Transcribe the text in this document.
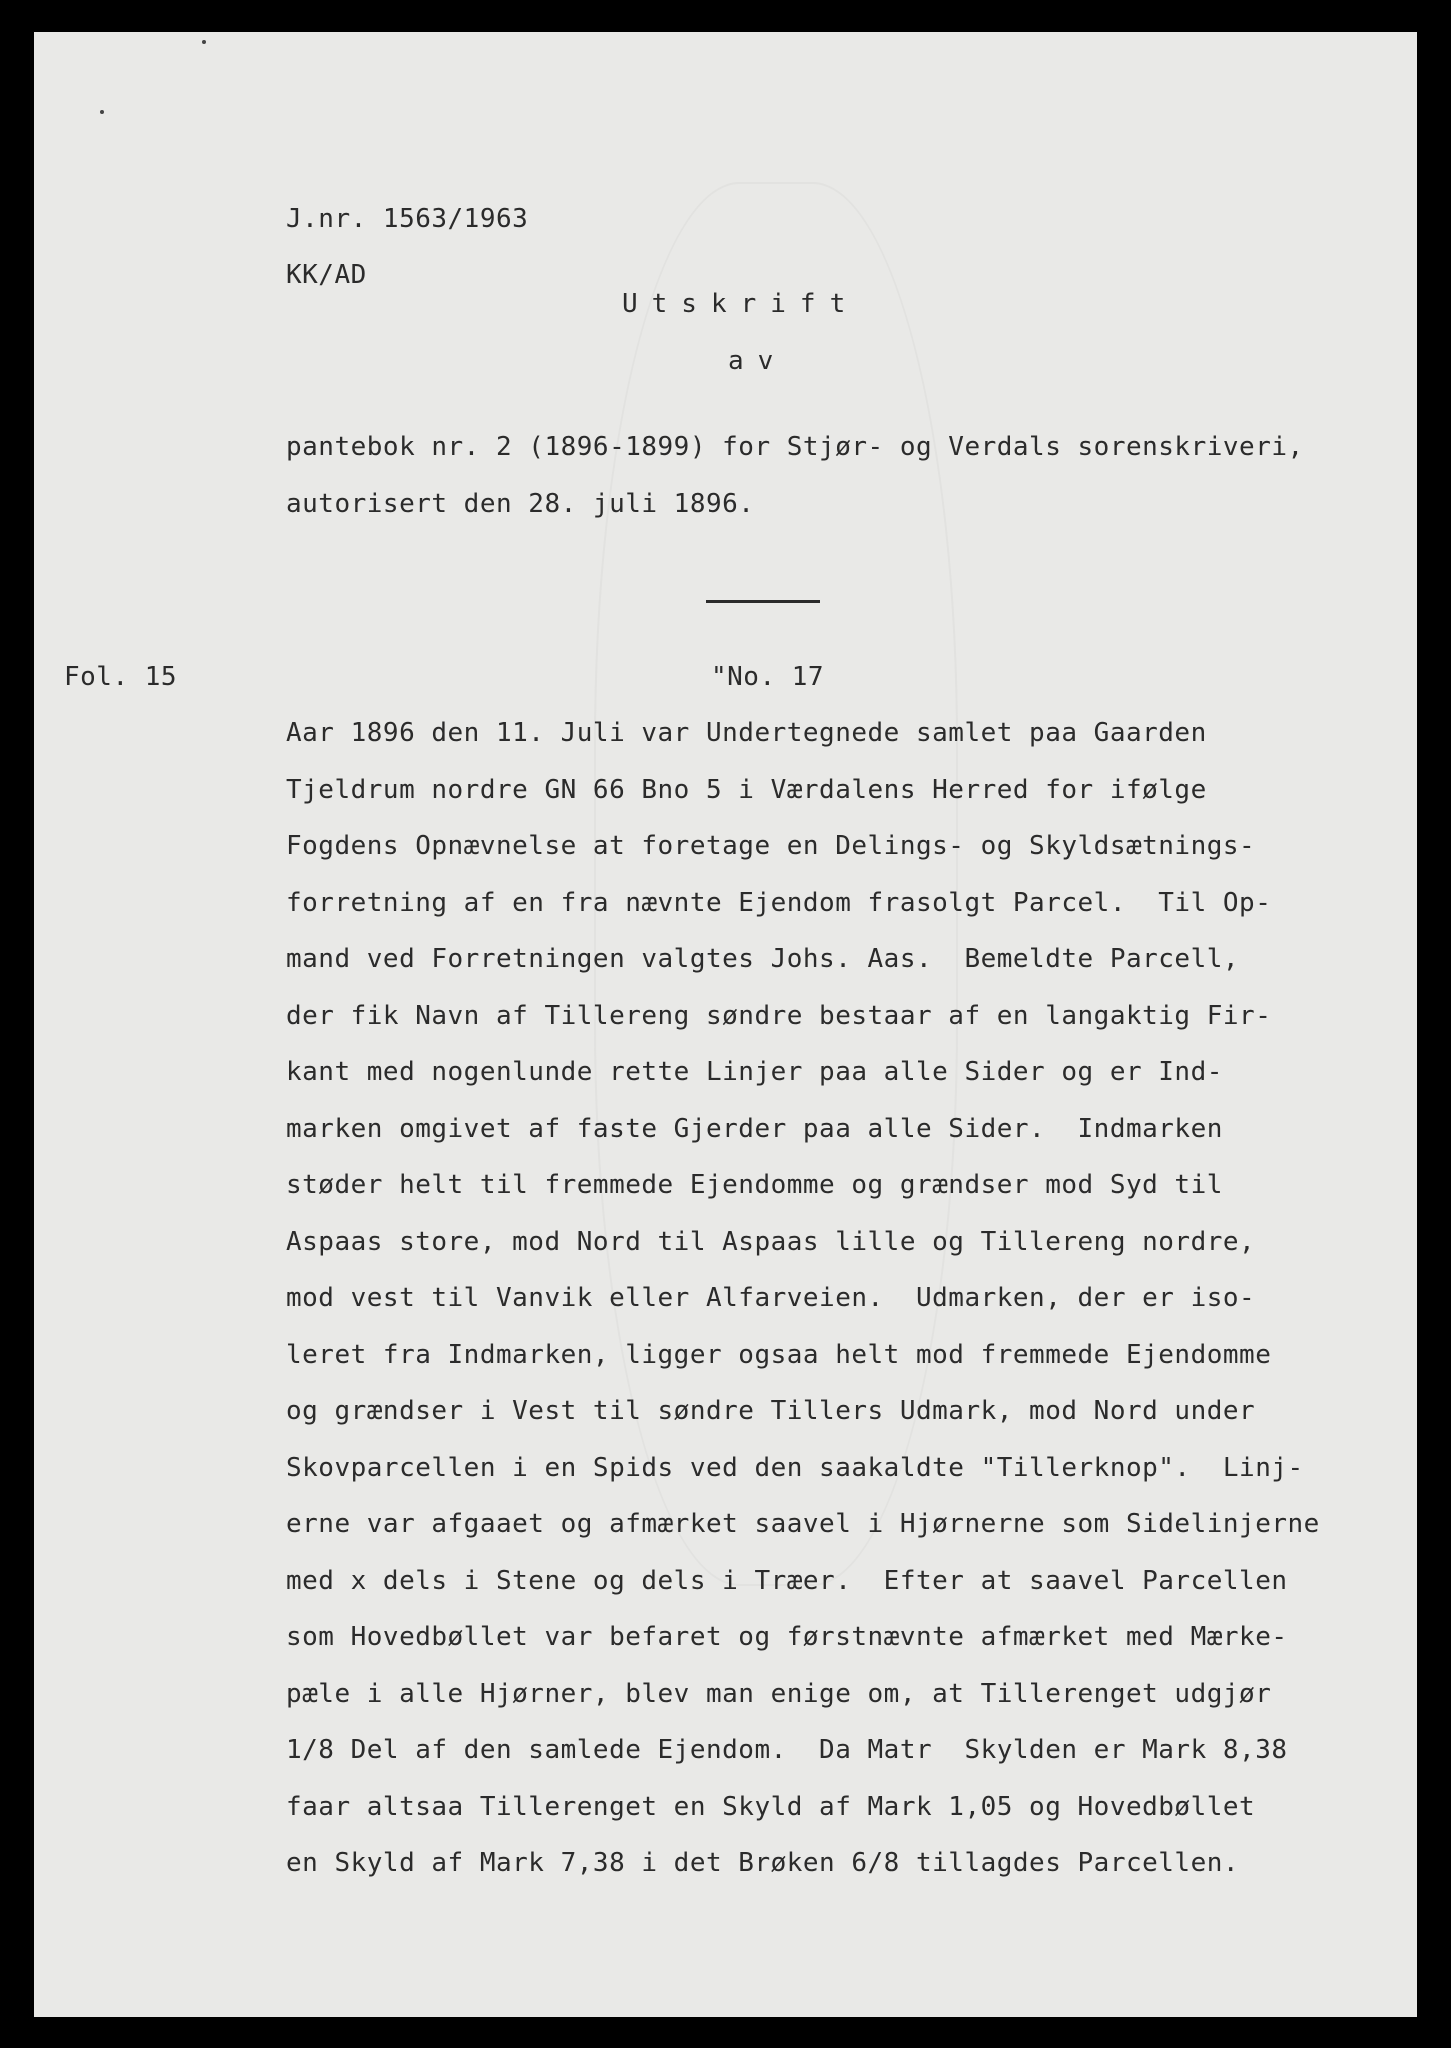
J.nr. 1563/1963
KK/AD
Utskrift
av
pantebok nr. 2 (1896-1899) for Stjør- og Verdals sorenskriveri,
autorisert den 28. juli 1896.
Fol. 15	"No. 17
Aar 1896 den 11. Juli var Undertegnede samlet paa Gaarden
Tjeldrum nordre GN 66 Bno 5 i Værdalens Herred for ifølge
Fogdens Opnævnelse at foretage en Delings- og Skyldsætnings-
forretning af en fra nævnte Ejendom frasolgt Parcel.  Til Op-
mand ved Forretningen valgtes Johs. Aas.  Bemeldte Parcell,
der fik Navn af Tillereng søndre bestaar af en langaktig Fir-
kant med nogenlunde rette Linjer paa alle Sider og er Ind-
marken omgivet af faste Gjerder paa alle Sider.  Indmarken
støder helt til fremmede Ejendomme og grændser mod Syd til
Aspaas store, mod Nord til Aspaas lille og Tillereng nordre,
mod vest til Vanvik eller Alfarveien.  Udmarken, der er iso-
leret fra Indmarken, ligger ogsaa helt mod fremmede Ejendomme
og grændser i Vest til søndre Tillers Udmark, mod Nord under
Skovparcellen i en Spids ved den saakaldte "Tillerknop".  Linj-
erne var afgaaet og afmærket saavel i Hjørnerne som Sidelinjerne
med x dels i Stene og dels i Træer.  Efter at saavel Parcellen
som Hovedbøllet var befaret og førstnævnte afmærket med Mærke-
pæle i alle Hjørner, blev man enige om, at Tillerenget udgjør
1/8 Del af den samlede Ejendom.  Da Matr  Skylden er Mark 8,38
faar altsaa Tillerenget en Skyld af Mark 1,05 og Hovedbøllet
en Skyld af Mark 7,38 i det Brøken 6/8 tillagdes Parcellen.
